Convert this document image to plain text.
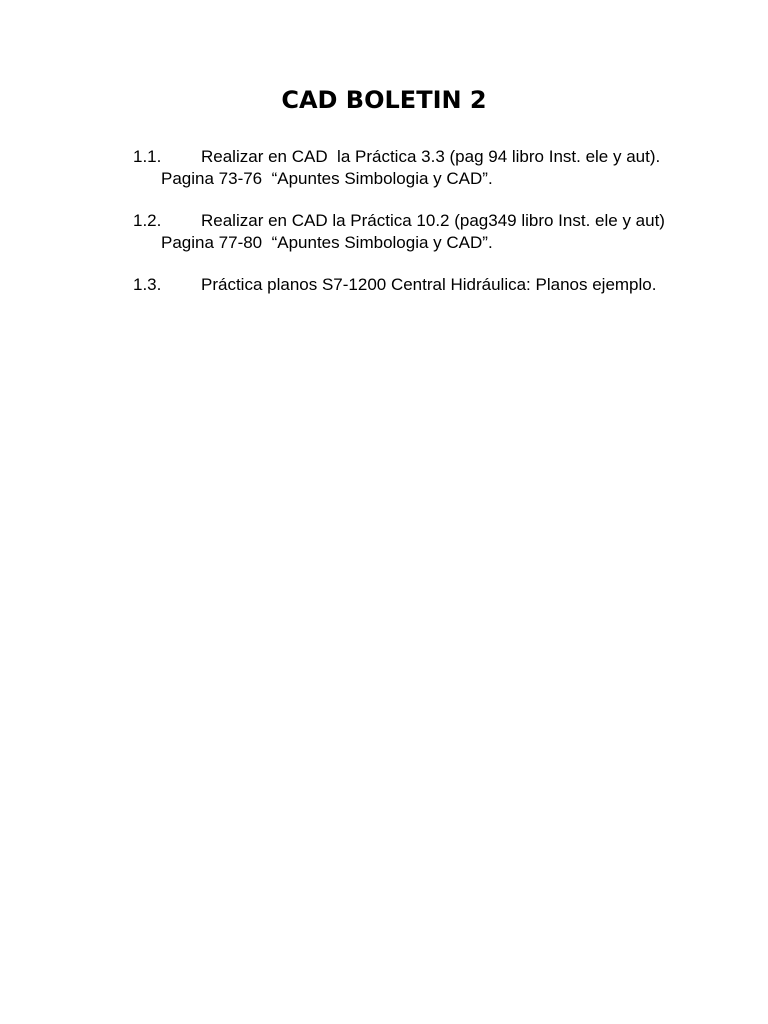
CAD BOLETIN 2
1.1. Realizar en CAD  la Práctica 3.3 (pag 94 libro Inst. ele y aut). Pagina 73-76  “Apuntes Simbologia y CAD”.
1.2. Realizar en CAD la Práctica 10.2 (pag349 libro Inst. ele y aut) Pagina 77-80  “Apuntes Simbologia y CAD”.
1.3. Práctica planos S7-1200 Central Hidráulica: Planos ejemplo.
